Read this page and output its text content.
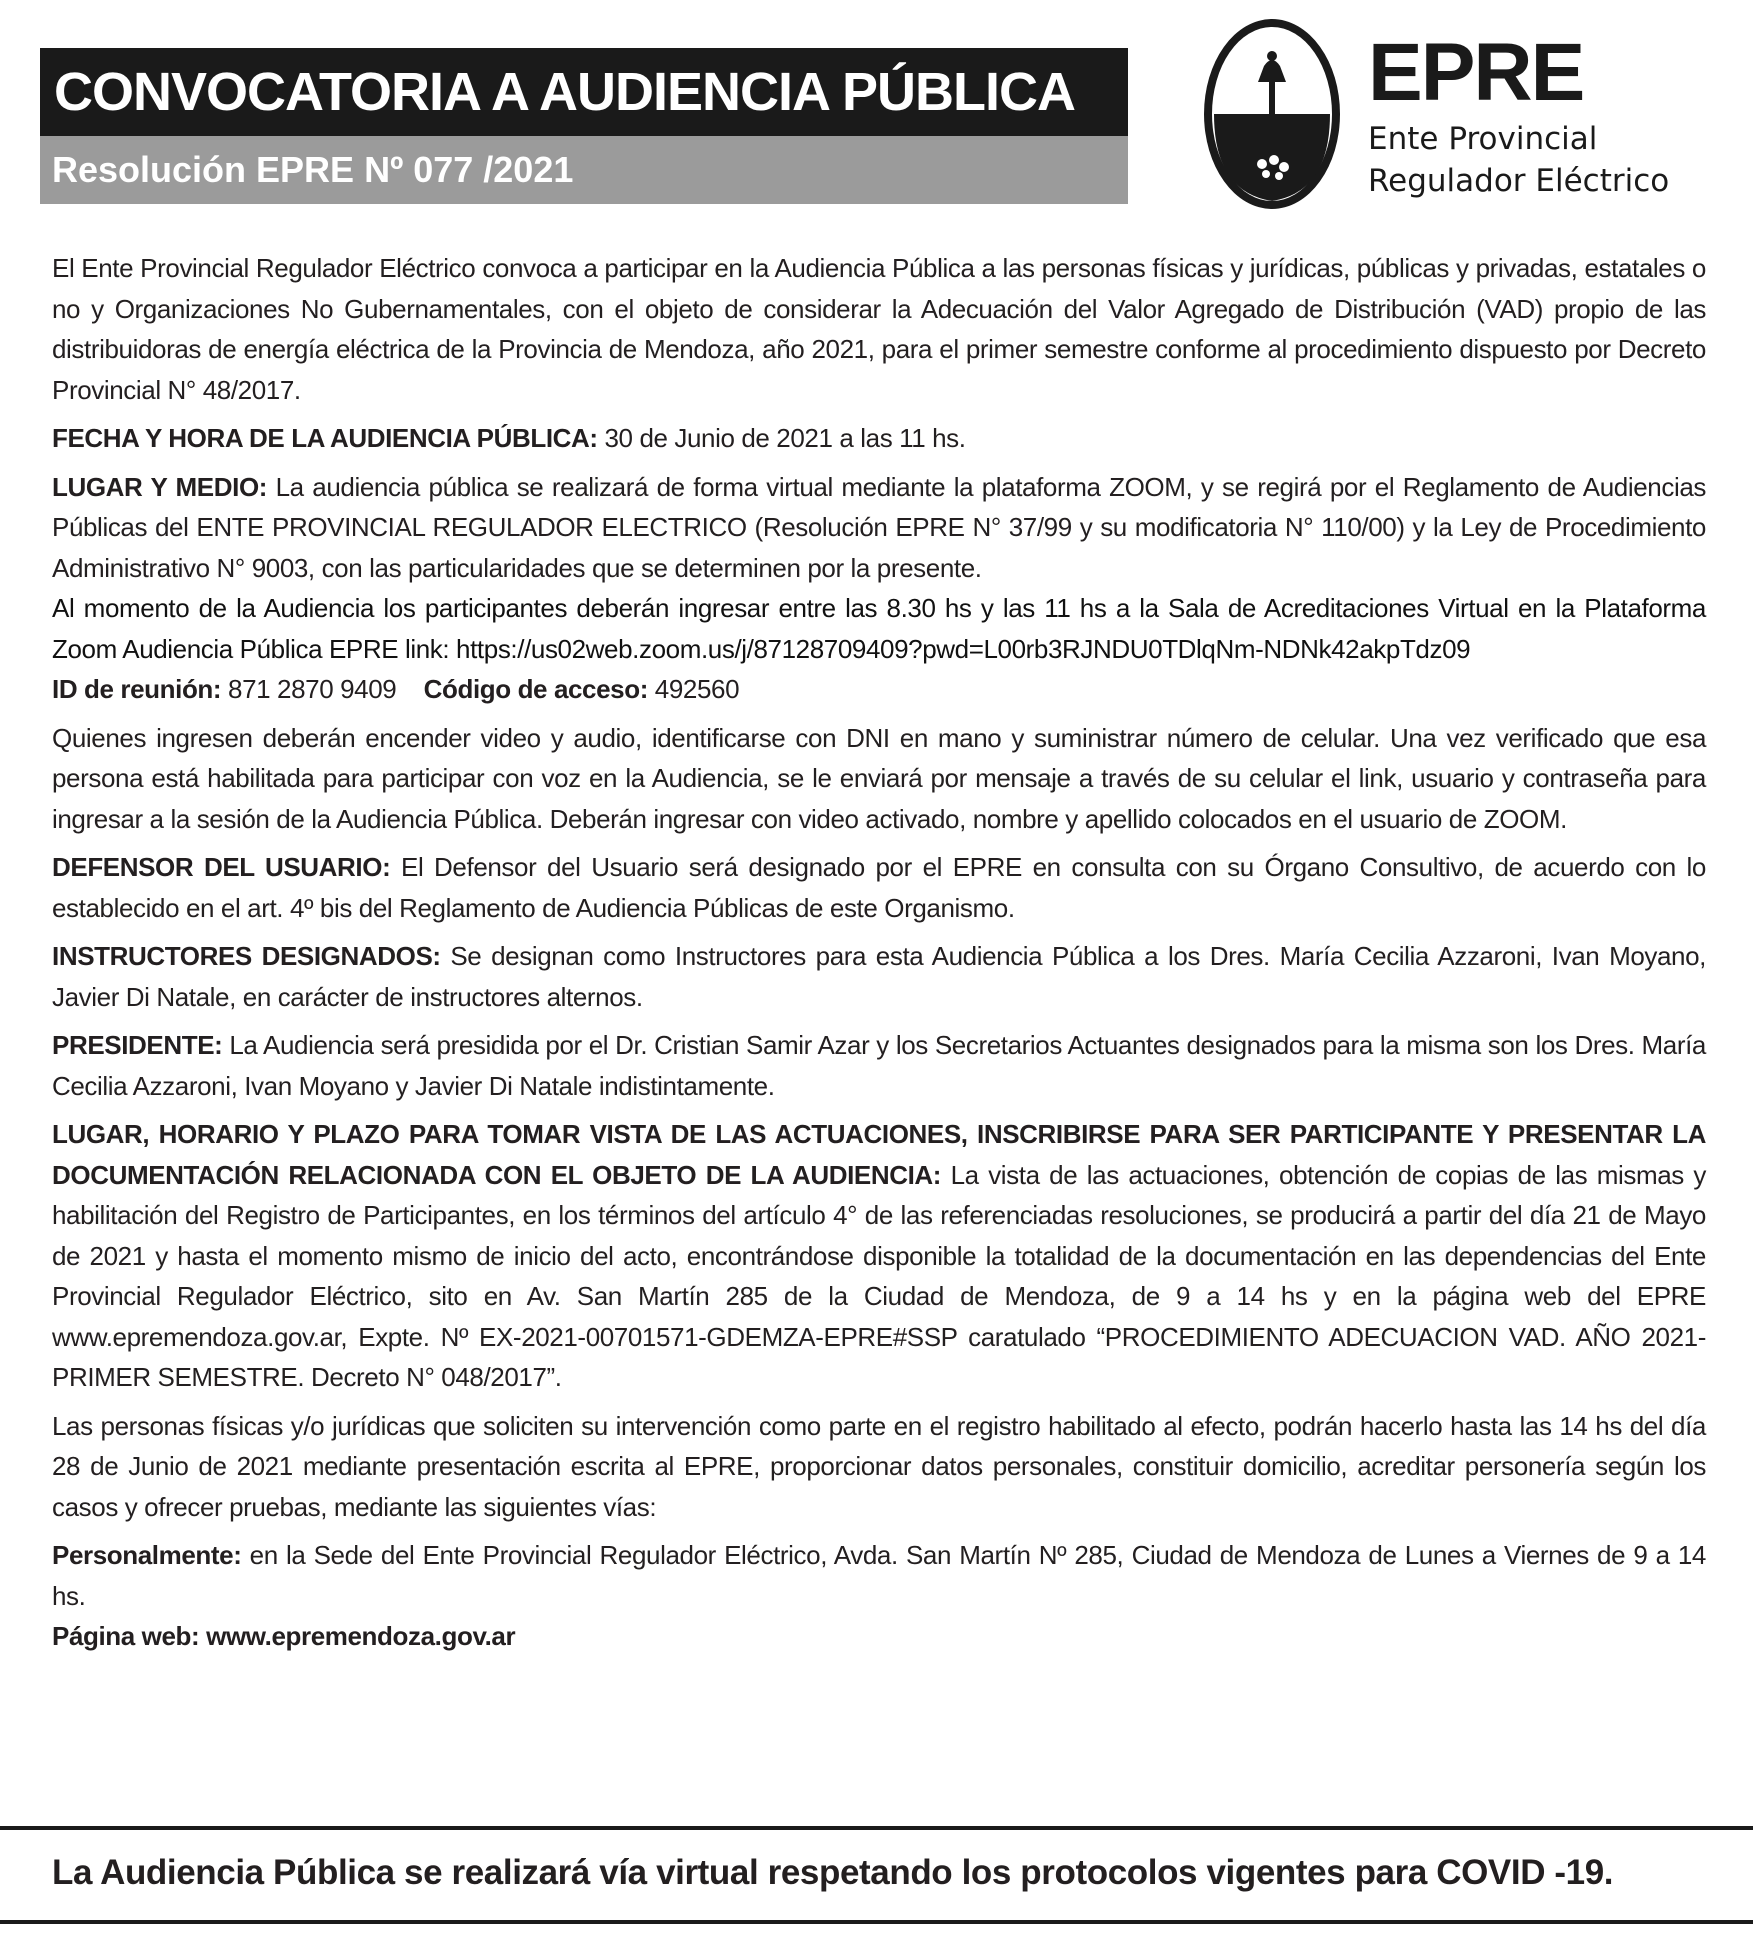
CONVOCATORIA A AUDIENCIA PÚBLICA
Resolución EPRE Nº 077 /2021
EPRE
Ente Provincial
Regulador Eléctrico

El Ente Provincial Regulador Eléctrico convoca a participar en la Audiencia Pública a las personas físicas y jurídicas, públicas y privadas, estatales o no y Organizaciones No Gubernamentales, con el objeto de considerar la Adecuación del Valor Agregado de Distribución (VAD) propio de las distribuidoras de energía eléctrica de la Provincia de Mendoza, año 2021, para el primer semestre conforme al procedimiento dispuesto por Decreto Provincial N° 48/2017.

FECHA Y HORA DE LA AUDIENCIA PÚBLICA: 30 de Junio de 2021 a las 11 hs.

LUGAR Y MEDIO: La audiencia pública se realizará de forma virtual mediante la plataforma ZOOM, y se regirá por el Reglamento de Audiencias Públicas del ENTE PROVINCIAL REGULADOR ELECTRICO (Resolución EPRE N° 37/99 y su modificatoria N° 110/00) y la Ley de Procedimiento Administrativo N° 9003, con las particularidades que se determinen por la presente.

Al momento de la Audiencia los participantes deberán ingresar entre las 8.30 hs y las 11 hs a la Sala de Acreditaciones Virtual en la Plataforma Zoom Audiencia Pública EPRE link: https://us02web.zoom.us/j/87128709409?pwd=L00rb3RJNDU0TDlqNm-NDNk42akpTdz09

ID de reunión: 871 2870 9409 Código de acceso: 492560

Quienes ingresen deberán encender video y audio, identificarse con DNI en mano y suministrar número de celular. Una vez verificado que esa persona está habilitada para participar con voz en la Audiencia, se le enviará por mensaje a través de su celular el link, usuario y contraseña para ingresar a la sesión de la Audiencia Pública. Deberán ingresar con video activado, nombre y apellido colocados en el usuario de ZOOM.

DEFENSOR DEL USUARIO: El Defensor del Usuario será designado por el EPRE en consulta con su Órgano Consultivo, de acuerdo con lo establecido en el art. 4º bis del Reglamento de Audiencia Públicas de este Organismo.

INSTRUCTORES DESIGNADOS: Se designan como Instructores para esta Audiencia Pública a los Dres. María Cecilia Azzaroni, Ivan Moyano, Javier Di Natale, en carácter de instructores alternos.

PRESIDENTE: La Audiencia será presidida por el Dr. Cristian Samir Azar y los Secretarios Actuantes designados para la misma son los Dres. María Cecilia Azzaroni, Ivan Moyano y Javier Di Natale indistintamente.

LUGAR, HORARIO Y PLAZO PARA TOMAR VISTA DE LAS ACTUACIONES, INSCRIBIRSE PARA SER PARTICIPANTE Y PRESENTAR LA DOCUMENTACIÓN RELACIONADA CON EL OBJETO DE LA AUDIENCIA: La vista de las actuaciones, obtención de copias de las mismas y habilitación del Registro de Participantes, en los términos del artículo 4° de las referenciadas resoluciones, se producirá a partir del día 21 de Mayo de 2021 y hasta el momento mismo de inicio del acto, encontrándose disponible la totalidad de la documentación en las dependencias del Ente Provincial Regulador Eléctrico, sito en Av. San Martín 285 de la Ciudad de Mendoza, de 9 a 14 hs y en la página web del EPRE www.epremendoza.gov.ar, Expte. Nº EX-2021-00701571-GDEMZA-EPRE#SSP caratulado “PROCEDIMIENTO ADECUACION VAD. AÑO 2021-PRIMER SEMESTRE. Decreto N° 048/2017”.

Las personas físicas y/o jurídicas que soliciten su intervención como parte en el registro habilitado al efecto, podrán hacerlo hasta las 14 hs del día 28 de Junio de 2021 mediante presentación escrita al EPRE, proporcionar datos personales, constituir domicilio, acreditar personería según los casos y ofrecer pruebas, mediante las siguientes vías:

Personalmente: en la Sede del Ente Provincial Regulador Eléctrico, Avda. San Martín Nº 285, Ciudad de Mendoza de Lunes a Viernes de 9 a 14 hs.

Página web: www.epremendoza.gov.ar

La Audiencia Pública se realizará vía virtual respetando los protocolos vigentes para COVID -19.
